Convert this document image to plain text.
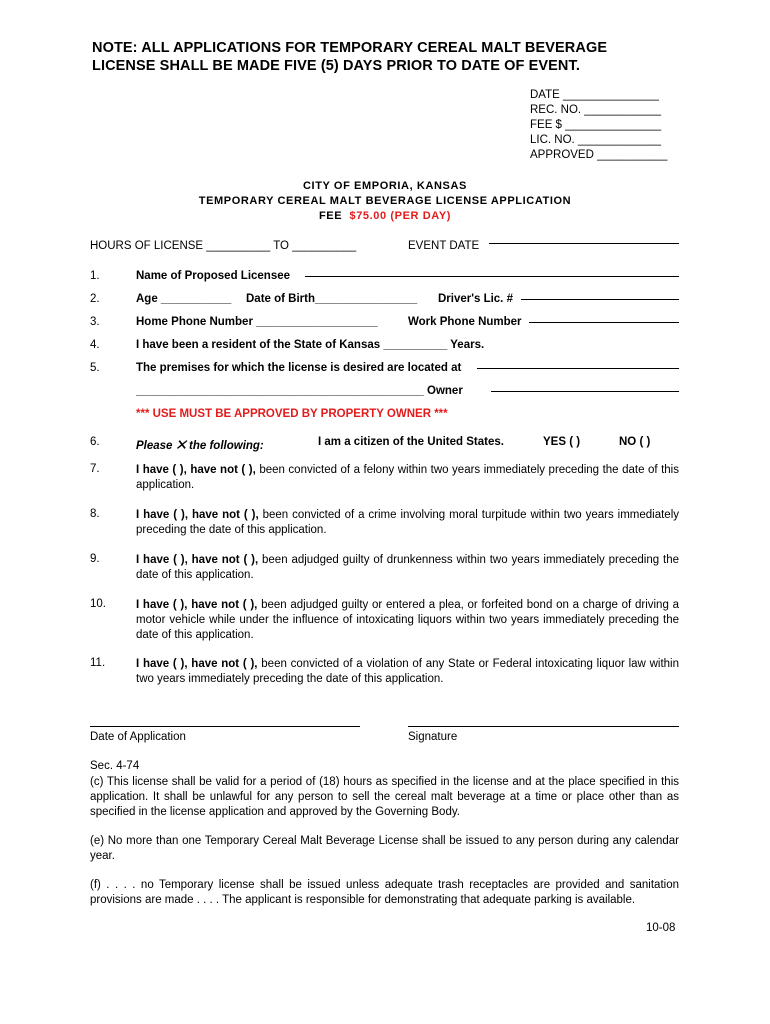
NOTE: ALL APPLICATIONS FOR TEMPORARY CEREAL MALT BEVERAGE
LICENSE SHALL BE MADE FIVE (5) DAYS PRIOR TO DATE OF EVENT.
DATE _______________
REC. NO. ____________
FEE $ _______________
LIC. NO. _____________
APPROVED ___________
CITY OF EMPORIA, KANSAS
TEMPORARY CEREAL MALT BEVERAGE LICENSE APPLICATION
FEE $75.00 (PER DAY)
HOURS OF LICENSE __________ TO __________	EVENT DATE
1.	Name of Proposed Licensee
2.	Age ___________ Date of Birth________________ Driver's Lic. #
3.	Home Phone Number ___________________	Work Phone Number
4.	I have been a resident of the State of Kansas __________ Years.
5.	The premises for which the license is desired are located at
_____________________________________________ Owner
*** USE MUST BE APPROVED BY PROPERTY OWNER ***
6.	Please ✕ the following:	I am a citizen of the United States.	YES ( )	NO ( )
7.	I have ( ), have not ( ), been convicted of a felony within two years immediately preceding the date of this application.
8.	I have ( ), have not ( ), been convicted of a crime involving moral turpitude within two years immediately preceding the date of this application.
9.	I have ( ), have not ( ), been adjudged guilty of drunkenness within two years immediately preceding the date of this application.
10.	I have ( ), have not ( ), been adjudged guilty or entered a plea, or forfeited bond on a charge of driving a motor vehicle while under the influence of intoxicating liquors within two years immediately preceding the date of this application.
11.	I have ( ), have not ( ), been convicted of a violation of any State or Federal intoxicating liquor law within two years immediately preceding the date of this application.
Date of Application	Signature
Sec. 4-74
(c) This license shall be valid for a period of (18) hours as specified in the license and at the place specified in this application. It shall be unlawful for any person to sell the cereal malt beverage at a time or place other than as specified in the license application and approved by the Governing Body.
(e) No more than one Temporary Cereal Malt Beverage License shall be issued to any person during any calendar year.
(f) . . . . no Temporary license shall be issued unless adequate trash receptacles are provided and sanitation provisions are made . . . . The applicant is responsible for demonstrating that adequate parking is available.
10-08
